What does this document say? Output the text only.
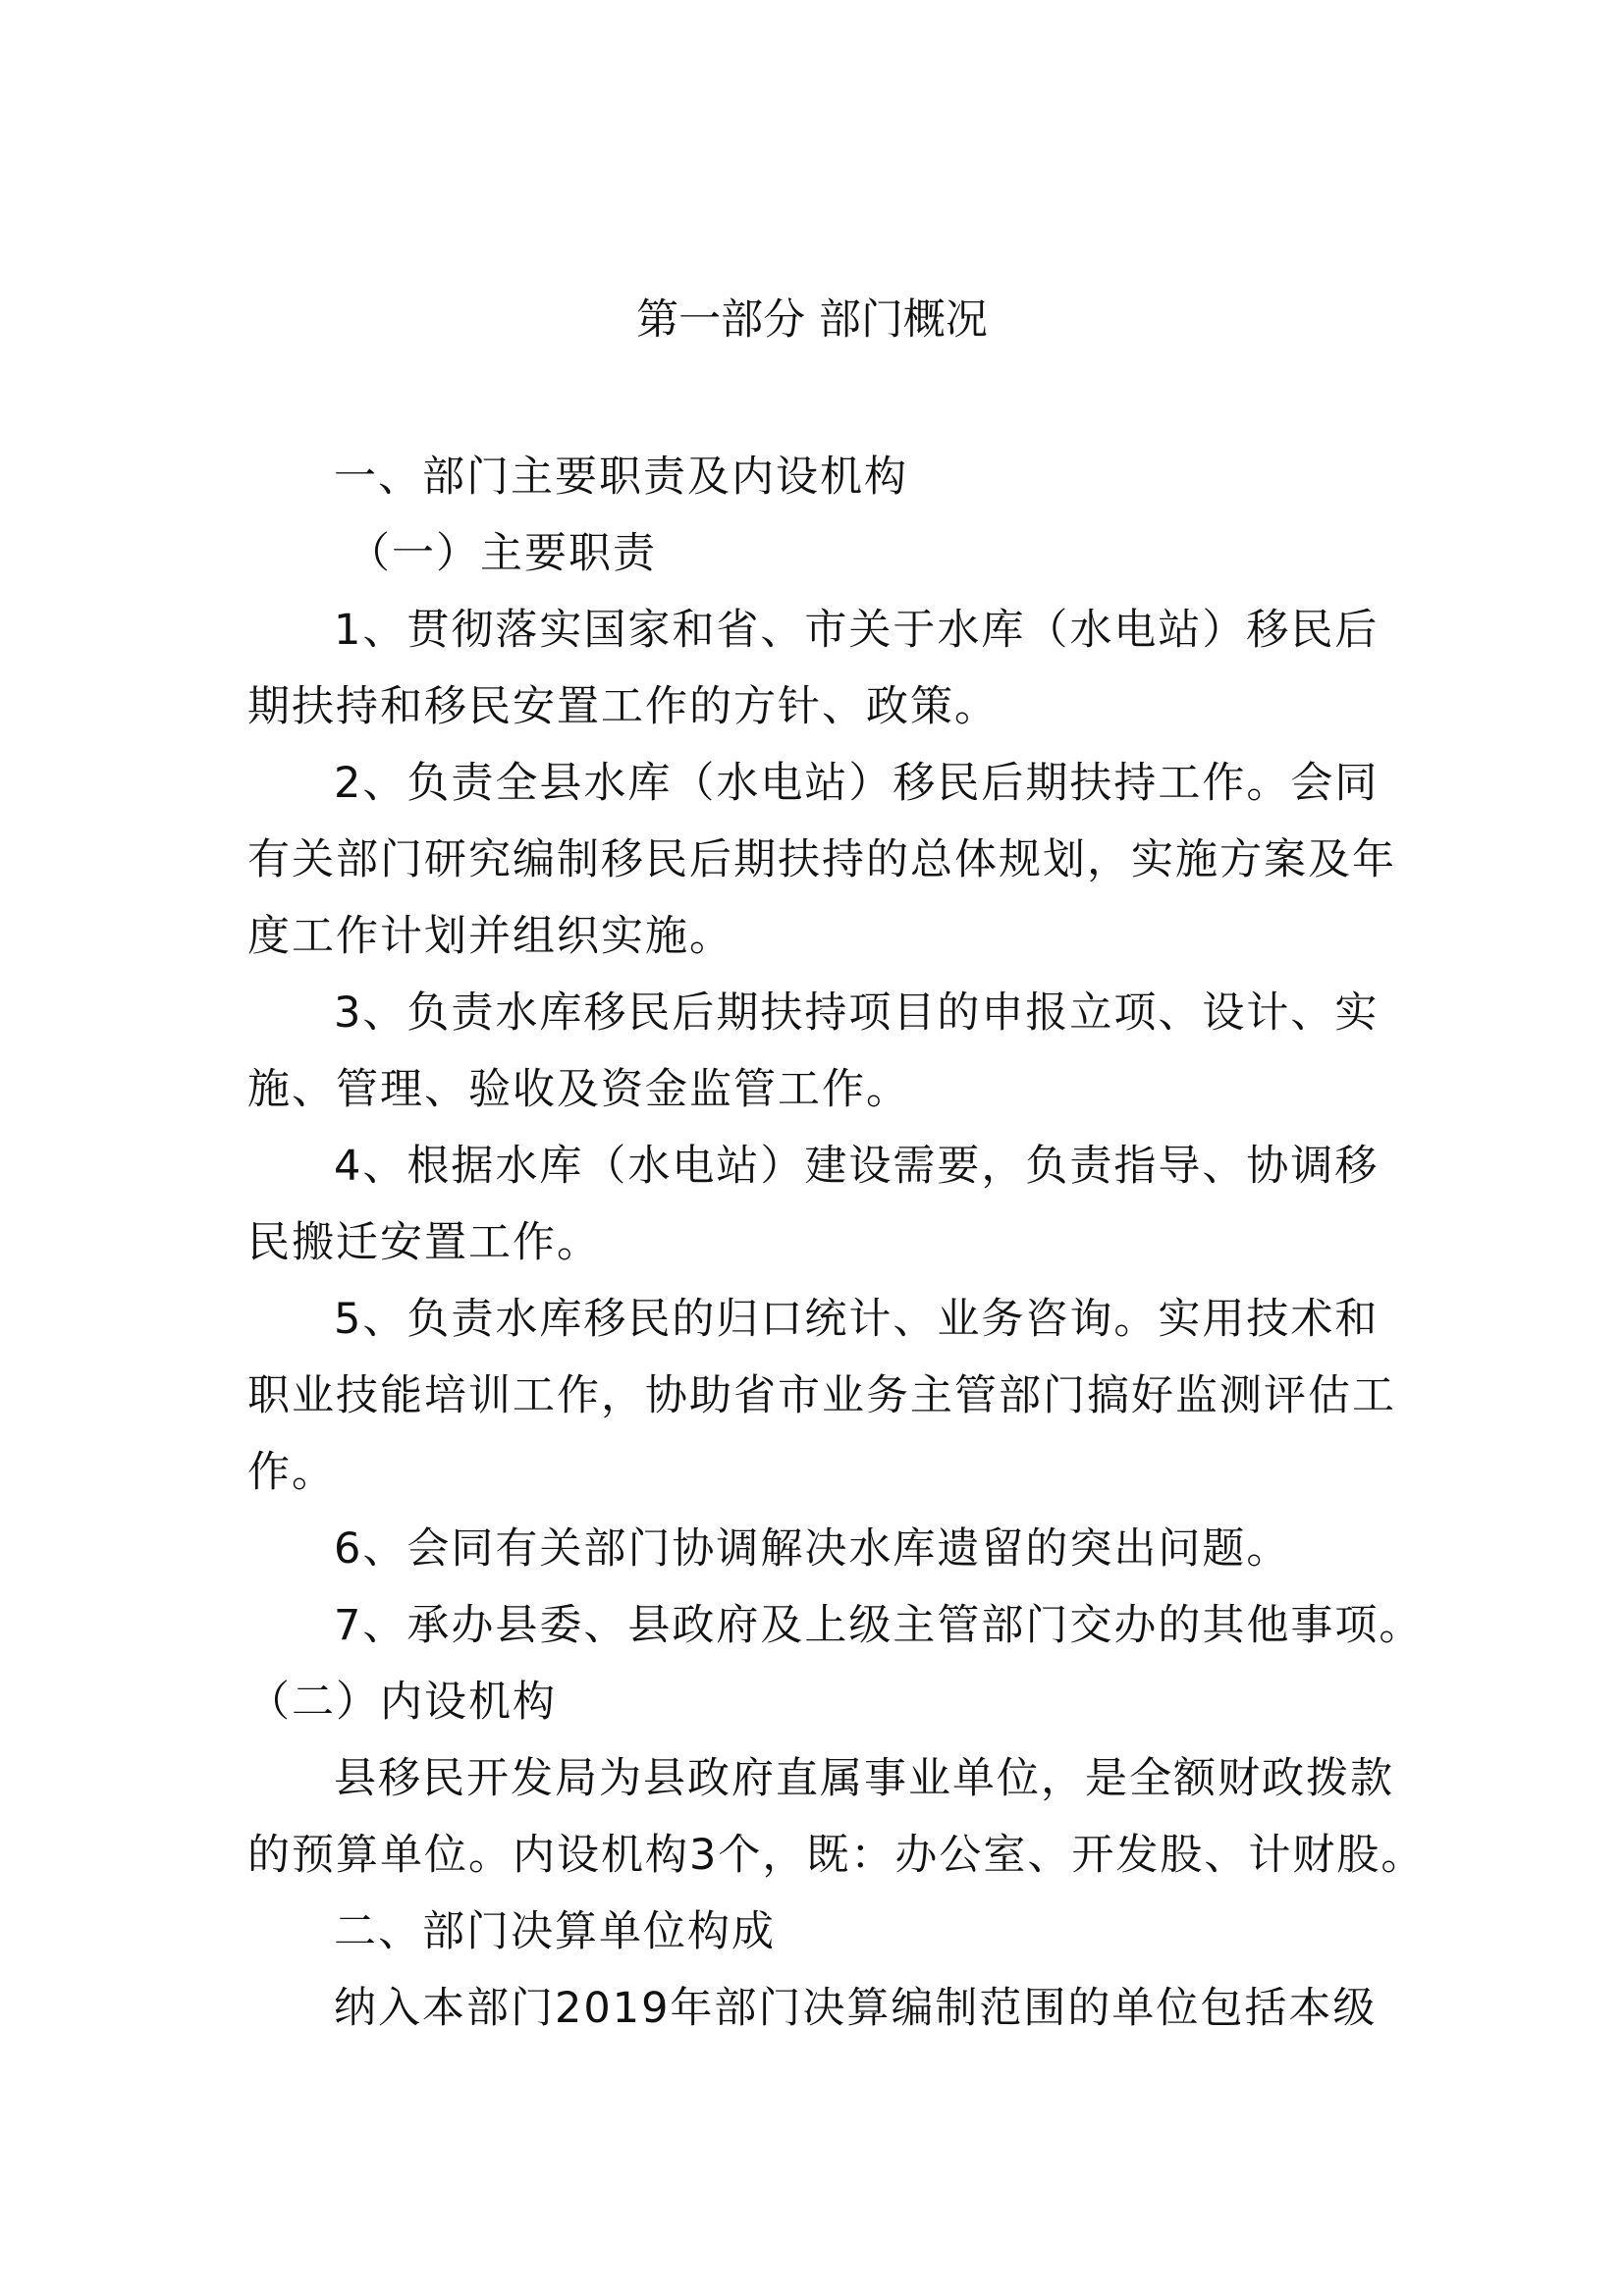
第一部分 部门概况
一、部门主要职责及内设机构
（一）主要职责
1、贯彻落实国家和省、市关于水库（水电站）移民后
期扶持和移民安置工作的方针、政策。
2、负责全县水库（水电站）移民后期扶持工作。会同
有关部门研究编制移民后期扶持的总体规划，实施方案及年
度工作计划并组织实施。
3、负责水库移民后期扶持项目的申报立项、设计、实
施、管理、验收及资金监管工作。
4、根据水库（水电站）建设需要，负责指导、协调移
民搬迁安置工作。
5、负责水库移民的归口统计、业务咨询。实用技术和
职业技能培训工作，协助省市业务主管部门搞好监测评估工
作。
6、会同有关部门协调解决水库遗留的突出问题。
7、承办县委、县政府及上级主管部门交办的其他事项。
（二）内设机构
县移民开发局为县政府直属事业单位，是全额财政拨款
的预算单位。内设机构3个，既：办公室、开发股、计财股。
二、部门决算单位构成
纳入本部门2019年部门决算编制范围的单位包括本级
